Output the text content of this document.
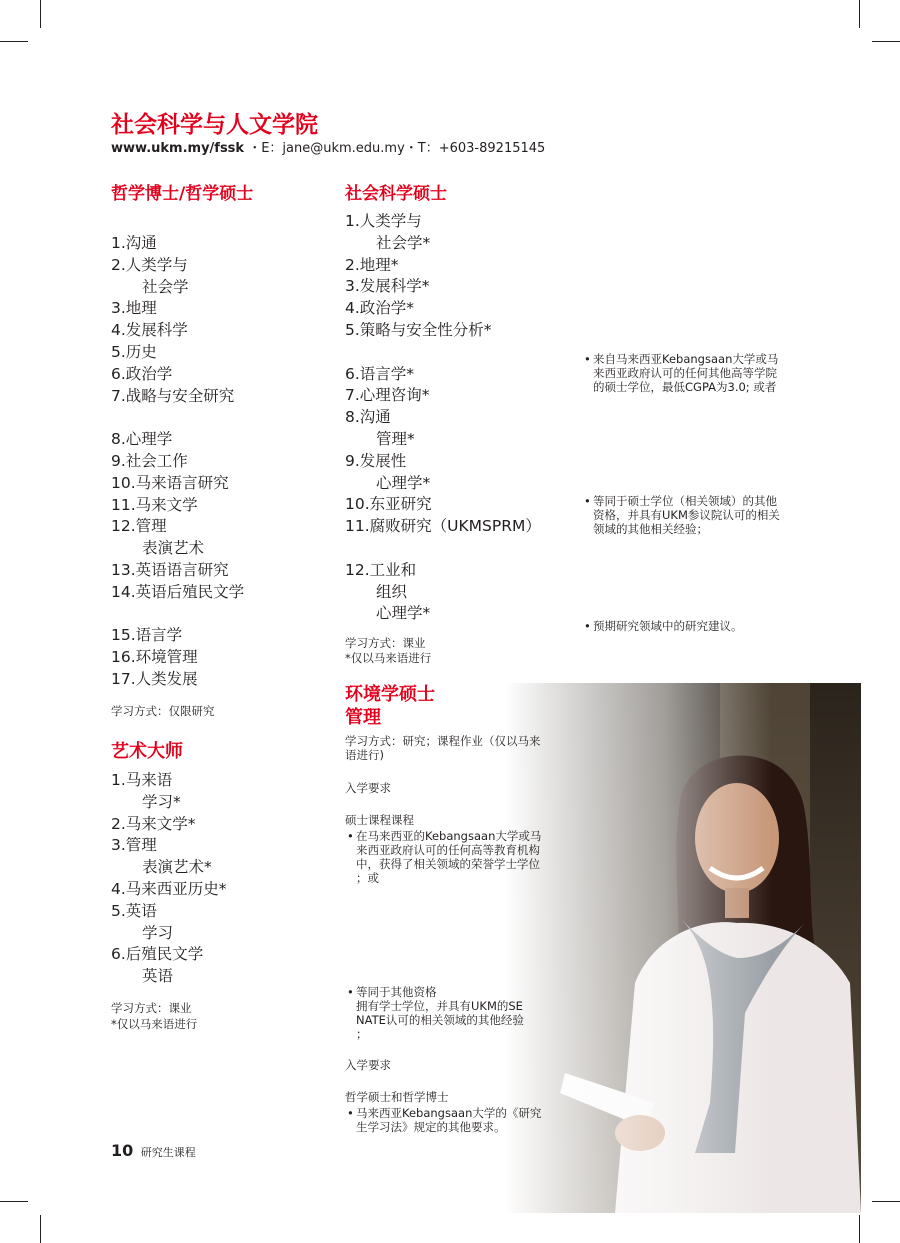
社会科学与人文学院
www.ukm.my/fssk ・E：jane@ukm.edu.my・T：+603-89215145
哲学博士/哲学硕士
1.沟通
2.人类学与
社会学
3.地理
4.发展科学
5.历史
6.政治学
7.战略与安全研究
8.心理学
9.社会工作
10.马来语言研究
11.马来文学
12.管理
表演艺术
13.英语语言研究
14.英语后殖民文学
15.语言学
16.环境管理
17.人类发展
学习方式：仅限研究
艺术大师
1.马来语
学习*
2.马来文学*
3.管理
表演艺术*
4.马来西亚历史*
5.英语
学习
6.后殖民文学
英语
学习方式：课业
*仅以马来语进行
社会科学硕士
1.人类学与
社会学*
2.地理*
3.发展科学*
4.政治学*
5.策略与安全性分析*
6.语言学*
7.心理咨询*
8.沟通
管理*
9.发展性
心理学*
10.东亚研究
11.腐败研究（UKMSPRM）
12.工业和
组织
心理学*
学习方式：课业
*仅以马来语进行
环境学硕士
管理
学习方式：研究；课程作业（仅以马来
语进行)
入学要求
硕士课程课程
• 在马来西亚的Kebangsaan大学或马
来西亚政府认可的任何高等教育机构
中，获得了相关领域的荣誉学士学位
；或
• 等同于其他资格
拥有学士学位，并具有UKM的SE
NATE认可的相关领域的其他经验
；
• 马来西亚Kebangsaan大学的《研究
生学习法》规定的其他要求。
入学要求
哲学硕士和哲学博士
• 来自马来西亚Kebangsaan大学或马
来西亚政府认可的任何其他高等学院
的硕士学位，最低CGPA为3.0; 或者
• 等同于硕士学位（相关领域）的其他
资格，并具有UKM参议院认可的相关
领域的其他相关经验；
• 预期研究领域中的研究建议。
10 研究生课程
